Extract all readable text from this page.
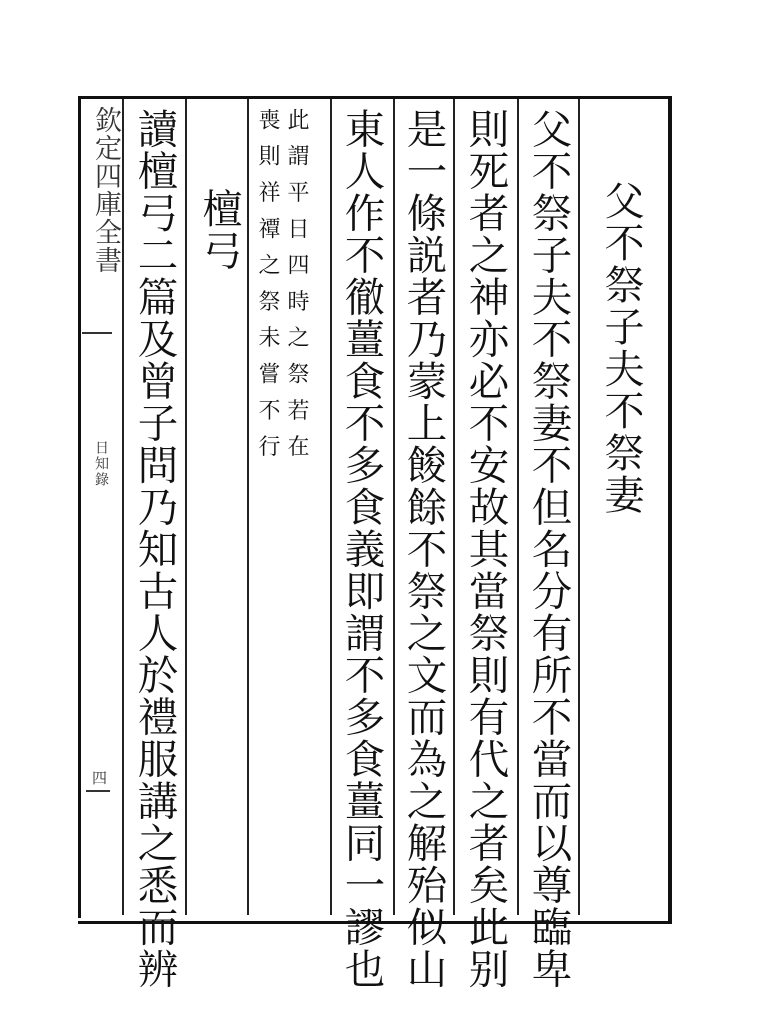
欽定四庫全書
日知錄
四
父不祭子夫不祭妻
父不祭子夫不祭妻不但名分有所不當而以尊臨卑
則死者之神亦必不安故其當祭則有代之者矣此别
是一條説者乃蒙上餕餘不祭之文而為之解殆似山
東人作不徹薑食不多食義即謂不多食薑同一謬也
此謂平日四時之祭若在
喪則祥禫之祭未嘗不行
檀弓
讀檀弓二篇及曾子問乃知古人於禮服講之悉而辨
